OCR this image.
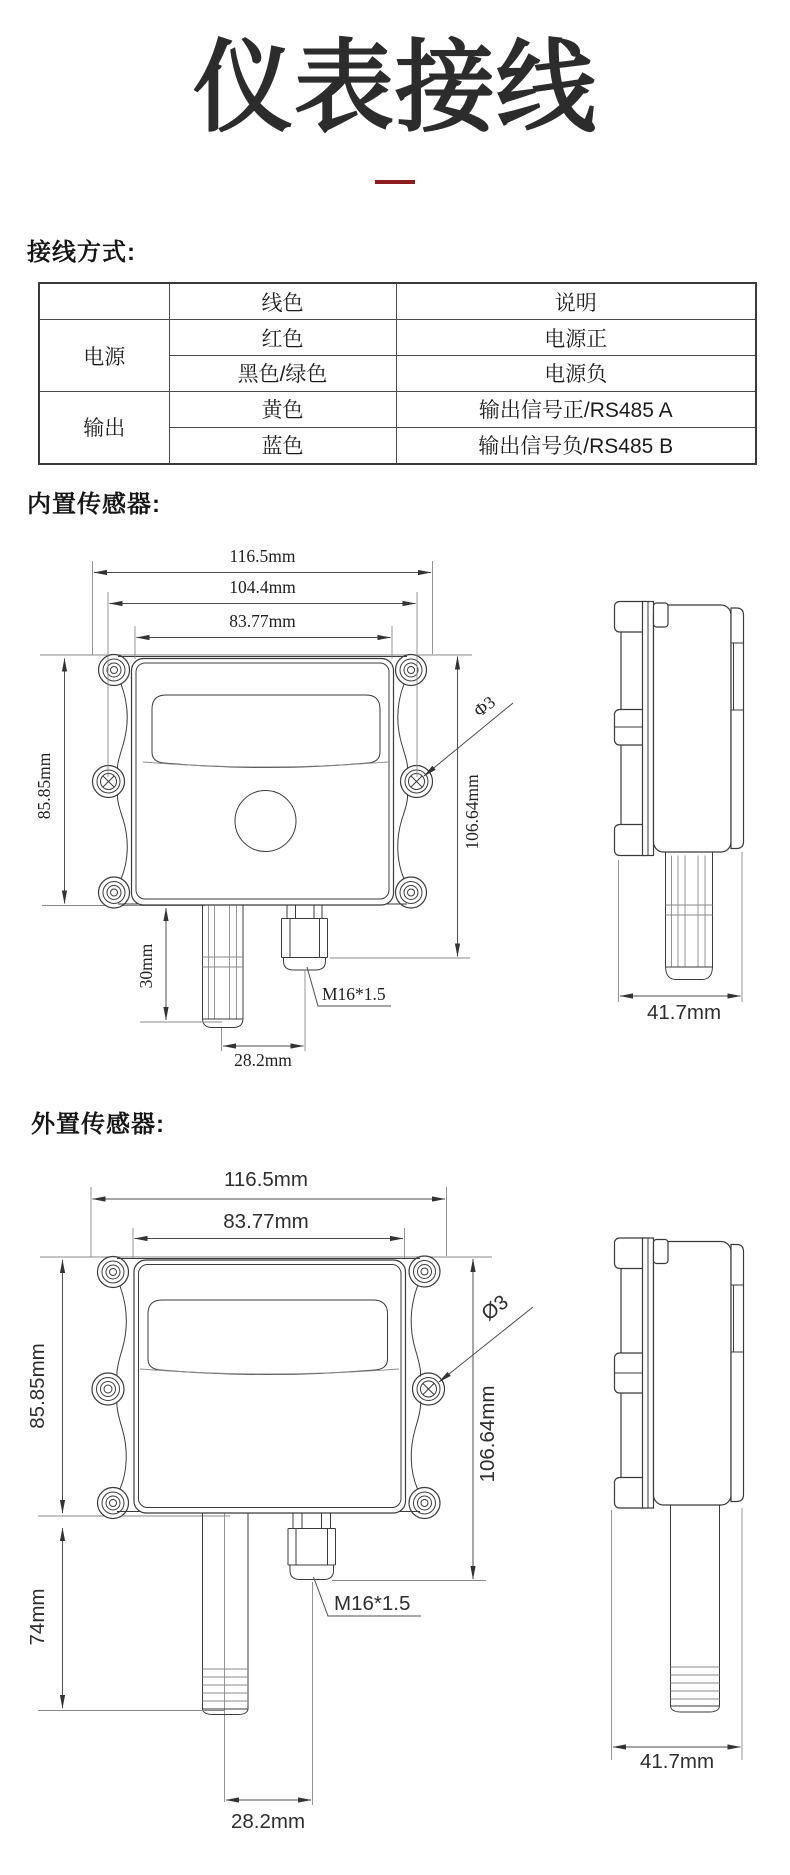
仪表接线
接线方式:
	线色	说明
电源	红色	电源正
	黑色/绿色	电源负
输出	黄色	输出信号正/RS485 A
	蓝色	输出信号负/RS485 B
内置传感器:
116.5mm
104.4mm
83.77mm
85.85mm	106.64mm
Φ3
30mm
M16*1.5
28.2mm
41.7mm
外置传感器:
116.5mm
83.77mm
85.85mm
74mm
106.64mm
Ø3
M16*1.5
28.2mm
41.7mm
